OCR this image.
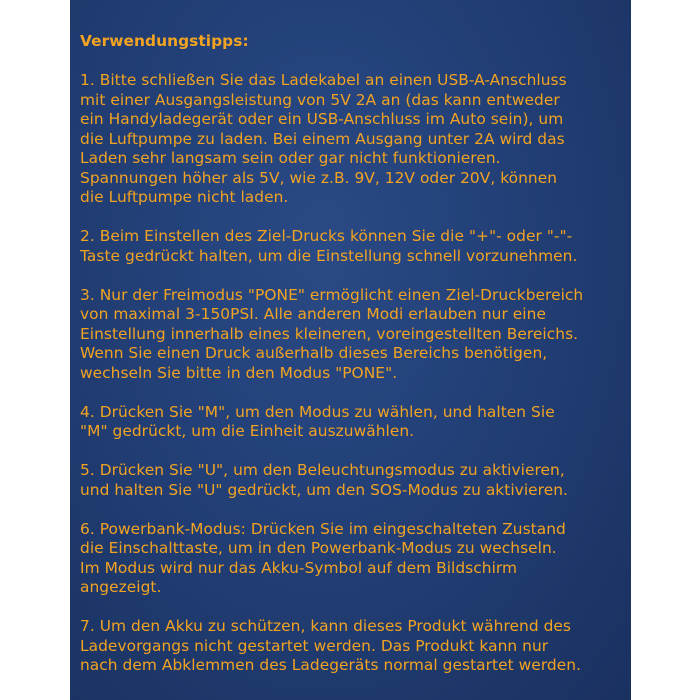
Verwendungstipps:
1. Bitte schließen Sie das Ladekabel an einen USB-A-Anschluss
mit einer Ausgangsleistung von 5V 2A an (das kann entweder
ein Handyladegerät oder ein USB-Anschluss im Auto sein), um
die Luftpumpe zu laden. Bei einem Ausgang unter 2A wird das
Laden sehr langsam sein oder gar nicht funktionieren.
Spannungen höher als 5V, wie z.B. 9V, 12V oder 20V, können
die Luftpumpe nicht laden.
2. Beim Einstellen des Ziel-Drucks können Sie die "+"- oder "-"-
Taste gedrückt halten, um die Einstellung schnell vorzunehmen.
3. Nur der Freimodus "PONE" ermöglicht einen Ziel-Druckbereich
von maximal 3-150PSI. Alle anderen Modi erlauben nur eine
Einstellung innerhalb eines kleineren, voreingestellten Bereichs.
Wenn Sie einen Druck außerhalb dieses Bereichs benötigen,
wechseln Sie bitte in den Modus "PONE".
4. Drücken Sie "M", um den Modus zu wählen, und halten Sie
"M" gedrückt, um die Einheit auszuwählen.
5. Drücken Sie "U", um den Beleuchtungsmodus zu aktivieren,
und halten Sie "U" gedrückt, um den SOS-Modus zu aktivieren.
6. Powerbank-Modus: Drücken Sie im eingeschalteten Zustand
die Einschalttaste, um in den Powerbank-Modus zu wechseln.
Im Modus wird nur das Akku-Symbol auf dem Bildschirm
angezeigt.
7. Um den Akku zu schützen, kann dieses Produkt während des
Ladevorgangs nicht gestartet werden. Das Produkt kann nur
nach dem Abklemmen des Ladegeräts normal gestartet werden.
